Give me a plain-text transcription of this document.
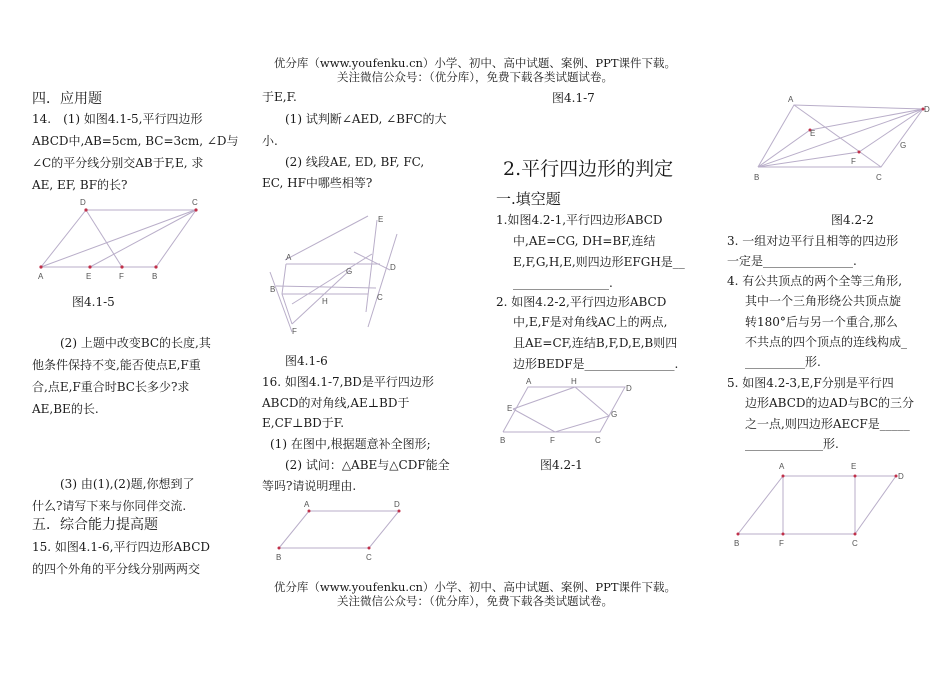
优分库（www.youfenku.cn）小学、初中、高中试题、案例、PPT课件下载。
关注微信公众号：（优分库），免费下载各类试题试卷。
四．应用题
14.　(1) 如图4.1-5,平行四边形
ABCD中,AB=5cm, BC=3cm, ∠D与
∠C的平分线分别交AB于F,E, 求
AE, EF, BF的长?
A	E	F	B
D	C
图4.1-5
(2) 上题中改变BC的长度,其
他条件保持不变,能否使点E,F重
合,点E,F重合时BC长多少?求
AE,BE的长.
(3) 由(1),(2)题,你想到了
什么?请写下来与你同伴交流.
五．综合能力提高题
15. 如图4.1-6,平行四边形ABCD
的四个外角的平分线分别两两交
于E,F.
(1) 试判断∠AED, ∠BFC的大
小.
(2) 线段AE, ED, BF, FC,
EC, HF中哪些相等?
A
B
C
D
E
F
G
H
图4.1-6
16. 如图4.1-7,BD是平行四边形
ABCD的对角线,AE⊥BD于
E,CF⊥BD于F.
(1) 在图中,根据题意补全图形;
(2) 试问：△ABE与△CDF能全
等吗?请说明理由.
A	D
B	C
图4.1-7
2.平行四边形的判定
一.填空题
1.如图4.2-1,平行四边形ABCD
中,AE=CG, DH=BF,连结
E,F,G,H,E,则四边形EFGH是__
________________.
2. 如图4.2-2,平行四边形ABCD
中,E,F是对角线AC上的两点,
且AE=CF,连结B,F,D,E,B则四
边形BEDF是_______________.
A	H
D
E
G
B	F	C
图4.2-1
A
D
E
F
G
B	C
图4.2-2
3. 一组对边平行且相等的四边形
一定是_______________.
4. 有公共顶点的两个全等三角形,
其中一个三角形绕公共顶点旋
转180°后与另一个重合,那么
不共点的四个顶点的连线构成_
__________形.
5. 如图4.2-3,E,F分别是平行四
边形ABCD的边AD与BC的三分
之一点,则四边形AECF是_____
_____________形.
A	E
D
B	F	C
优分库（www.youfenku.cn）小学、初中、高中试题、案例、PPT课件下载。
关注微信公众号：（优分库），免费下载各类试题试卷。
